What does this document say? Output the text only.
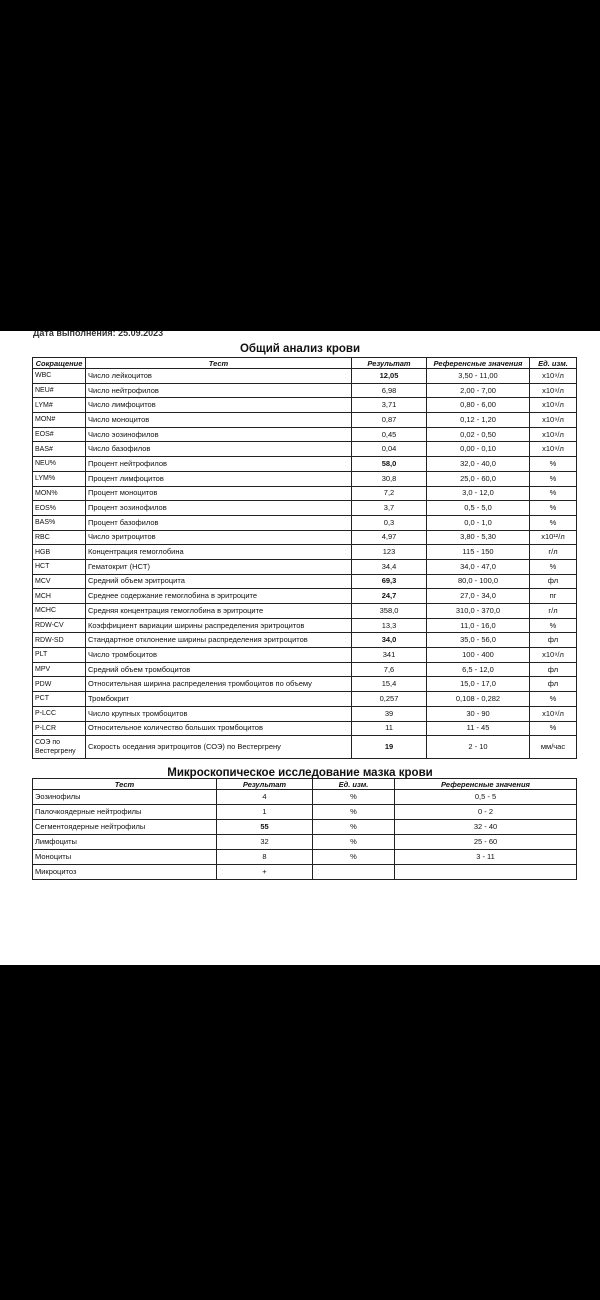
Дата выполнения: 25.09.2023
Общий анализ крови
Сокращение	Тест	Результат	Референсные значения	Ед. изм.
WBC	Число лейкоцитов	12,05	3,50 - 11,00	x10⁹/л
NEU#	Число нейтрофилов	6,98	2,00 - 7,00	x10⁹/л
LYM#	Число лимфоцитов	3,71	0,80 - 6,00	x10⁹/л
MON#	Число моноцитов	0,87	0,12 - 1,20	x10⁹/л
EOS#	Число эозинофилов	0,45	0,02 - 0,50	x10⁹/л
BAS#	Число базофилов	0,04	0,00 - 0,10	x10⁹/л
NEU%	Процент нейтрофилов	58,0	32,0 - 40,0	%
LYM%	Процент лимфоцитов	30,8	25,0 - 60,0	%
MON%	Процент моноцитов	7,2	3,0 - 12,0	%
EOS%	Процент эозинофилов	3,7	0,5 - 5,0	%
BAS%	Процент базофилов	0,3	0,0 - 1,0	%
RBC	Число эритроцитов	4,97	3,80 - 5,30	x10¹²/л
HGB	Концентрация гемоглобина	123	115 - 150	г/л
HCT	Гематокрит (HCT)	34,4	34,0 - 47,0	%
MCV	Средний объем эритроцита	69,3	80,0 - 100,0	фл
MCH	Среднее содержание гемоглобина в эритроците	24,7	27,0 - 34,0	пг
MCHC	Средняя концентрация гемоглобина в эритроците	358,0	310,0 - 370,0	г/л
RDW-CV	Коэффициент вариации ширины распределения эритроцитов	13,3	11,0 - 16,0	%
RDW-SD	Стандартное отклонение ширины распределения эритроцитов	34,0	35,0 - 56,0	фл
PLT	Число тромбоцитов	341	100 - 400	x10⁹/л
MPV	Средний объем тромбоцитов	7,6	6,5 - 12,0	фл
PDW	Относительная ширина распределения тромбоцитов по объему	15,4	15,0 - 17,0	фл
PCT	Тромбокрит	0,257	0,108 - 0,282	%
P-LCC	Число крупных тромбоцитов	39	30 - 90	x10⁹/л
P-LCR	Относительное количество больших тромбоцитов	11	11 - 45	%
СОЭ по Вестергрену	Скорость оседания эритроцитов (СОЭ) по Вестергрену	19	2 - 10	мм/час
Микроскопическое исследование мазка крови
Тест	Результат	Ед. изм.	Референсные значения
Эозинофилы	4	%	0,5 - 5
Палочкоядерные нейтрофилы	1	%	0 - 2
Сегментоядерные нейтрофилы	55	%	32 - 40
Лимфоциты	32	%	25 - 60
Моноциты	8	%	3 - 11
Микроцитоз	+		
